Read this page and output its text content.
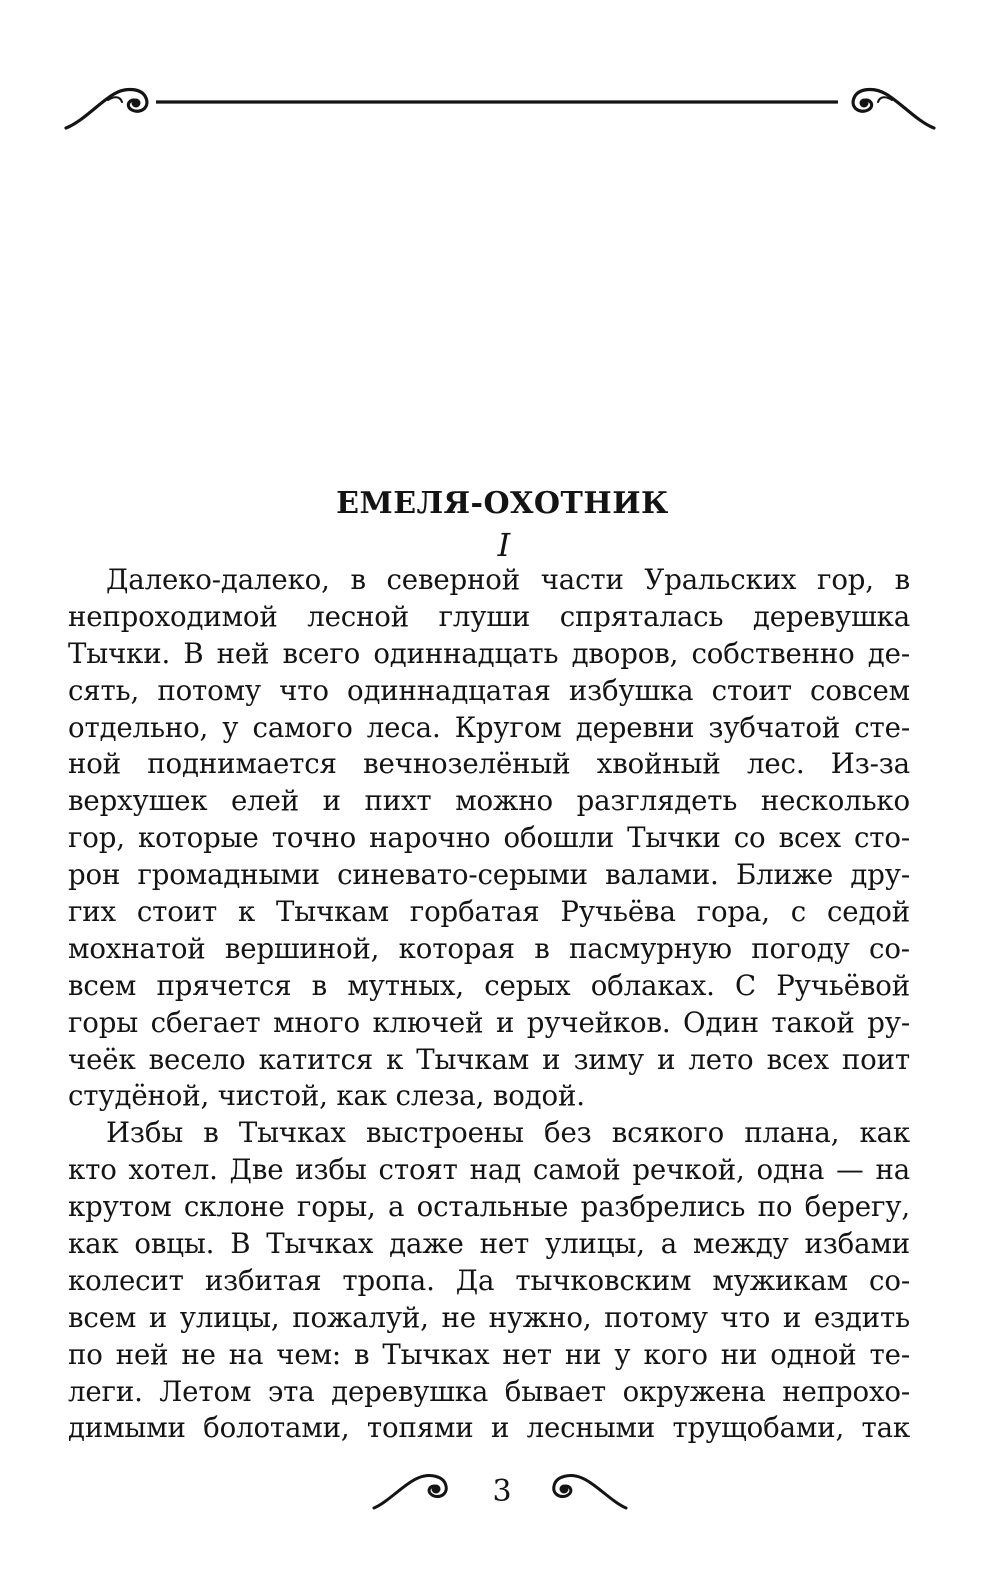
ЕМЕЛЯ-ОХОТНИК
I
Далеко-далеко, в северной части Уральских гор, в
непроходимой лесной глуши спряталась деревушка
Тычки. В ней всего одиннадцать дворов, собственно де-
сять, потому что одиннадцатая избушка стоит совсем
отдельно, у самого леса. Кругом деревни зубчатой сте-
ной поднимается вечнозелёный хвойный лес. Из-за
верхушек елей и пихт можно разглядеть несколько
гор, которые точно нарочно обошли Тычки со всех сто-
рон громадными синевато-серыми валами. Ближе дру-
гих стоит к Тычкам горбатая Ручьёва гора, с седой
мохнатой вершиной, которая в пасмурную погоду со-
всем прячется в мутных, серых облаках. С Ручьёвой
горы сбегает много ключей и ручейков. Один такой ру-
чеёк весело катится к Тычкам и зиму и лето всех поит
студёной, чистой, как слеза, водой.
Избы в Тычках выстроены без всякого плана, как
кто хотел. Две избы стоят над самой речкой, одна — на
крутом склоне горы, а остальные разбрелись по берегу,
как овцы. В Тычках даже нет улицы, а между избами
колесит избитая тропа. Да тычковским мужикам со-
всем и улицы, пожалуй, не нужно, потому что и ездить
по ней не на чем: в Тычках нет ни у кого ни одной те-
леги. Летом эта деревушка бывает окружена непрохо-
димыми болотами, топями и лесными трущобами, так
3
